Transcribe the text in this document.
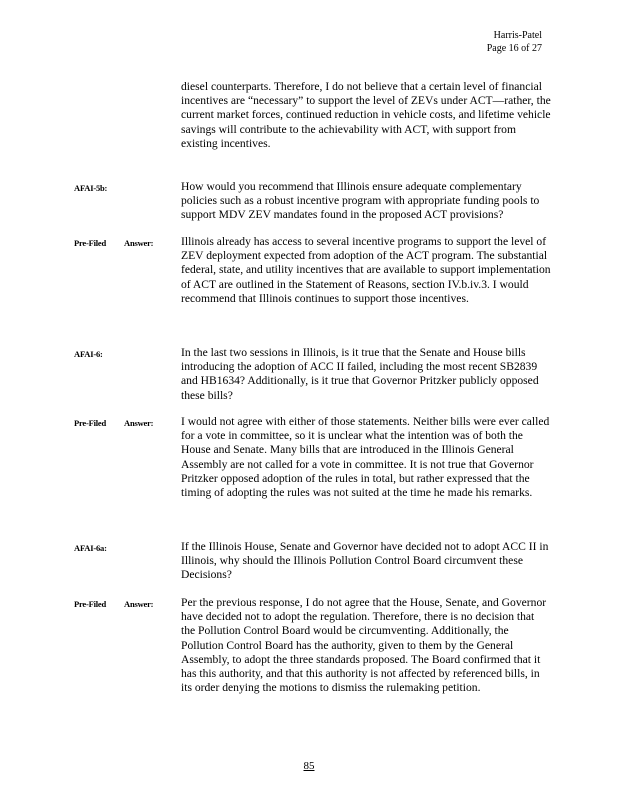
Harris-Patel
Page 16 of 27
diesel counterparts. Therefore, I do not believe that a certain level of financial incentives are “necessary” to support the level of ZEVs under ACT—rather, the current market forces, continued reduction in vehicle costs, and lifetime vehicle savings will contribute to the achievability with ACT, with support from existing incentives.
AFAI-5b:	How would you recommend that Illinois ensure adequate complementary policies such as a robust incentive program with appropriate funding pools to support MDV ZEV mandates found in the proposed ACT provisions?
Pre-Filed Answer: Illinois already has access to several incentive programs to support the level of ZEV deployment expected from adoption of the ACT program. The substantial federal, state, and utility incentives that are available to support implementation of ACT are outlined in the Statement of Reasons, section IV.b.iv.3. I would recommend that Illinois continues to support those incentives.
AFAI-6:	In the last two sessions in Illinois, is it true that the Senate and House bills introducing the adoption of ACC II failed, including the most recent SB2839 and HB1634? Additionally, is it true that Governor Pritzker publicly opposed these bills?
Pre-Filed Answer: I would not agree with either of those statements. Neither bills were ever called for a vote in committee, so it is unclear what the intention was of both the House and Senate. Many bills that are introduced in the Illinois General Assembly are not called for a vote in committee. It is not true that Governor Pritzker opposed adoption of the rules in total, but rather expressed that the timing of adopting the rules was not suited at the time he made his remarks.
AFAI-6a:	If the Illinois House, Senate and Governor have decided not to adopt ACC II in Illinois, why should the Illinois Pollution Control Board circumvent these Decisions?
Pre-Filed Answer: Per the previous response, I do not agree that the House, Senate, and Governor have decided not to adopt the regulation. Therefore, there is no decision that the Pollution Control Board would be circumventing. Additionally, the Pollution Control Board has the authority, given to them by the General Assembly, to adopt the three standards proposed. The Board confirmed that it has this authority, and that this authority is not affected by referenced bills, in its order denying the motions to dismiss the rulemaking petition.
85
